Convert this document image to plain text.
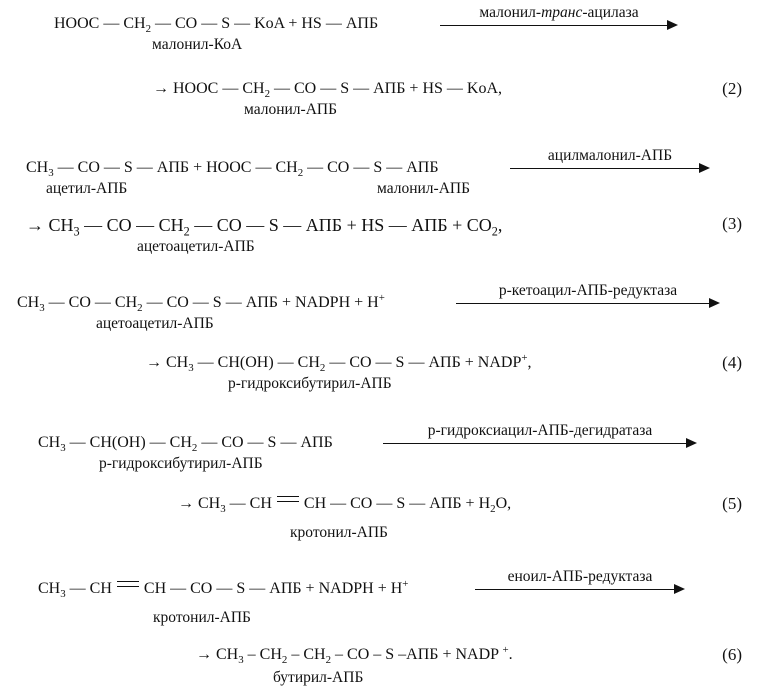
HOOC — $CH_2$ — CO — S — KoA + HS — АПБ
малонил-КоА
малонил-транс-ацилаза
→ HOOC — $CH_2$ — CO — S — АПБ + HS — KoA,
малонил-АПБ
(2)
$CH_3$ — CO — S — АПБ + HOOC — $CH_2$ — CO — S — АПБ
ацетил-АПБ	малонил-АПБ
ацилмалонил-АПБ
→ $CH_3$ — CO — $CH_2$ — CO — S — АПБ + HS — АПБ + $CO_2$,
ацетоацетил-АПБ
(3)
$CH_3$ — CO — $CH_2$ — CO — S — АПБ + NADPH + H+
ацетоацетил-АПБ
р-кетоацил-АПБ-редуктаза
→ $CH_3$ — CH(OH) — $CH_2$ — CO — S — АПБ + NADP+,
р-гидроксибутирил-АПБ
(4)
$CH_3$ — CH(OH) — $CH_2$ — CO — S — АПБ
р-гидроксибутирил-АПБ
р-гидроксиацил-АПБ-дегидратаза
→ $CH_3$ — CH CH — CO — S — АПБ + $H_2O$,
кротонил-АПБ
(5)
$CH_3$ — CH CH — CO — S — АПБ + NADPH + H+
кротонил-АПБ
еноил-АПБ-редуктаза
→ $CH_3 - CH_2 - CH_2$ – CO – S –АПБ + NADP +.
бутирил-АПБ
(6)
